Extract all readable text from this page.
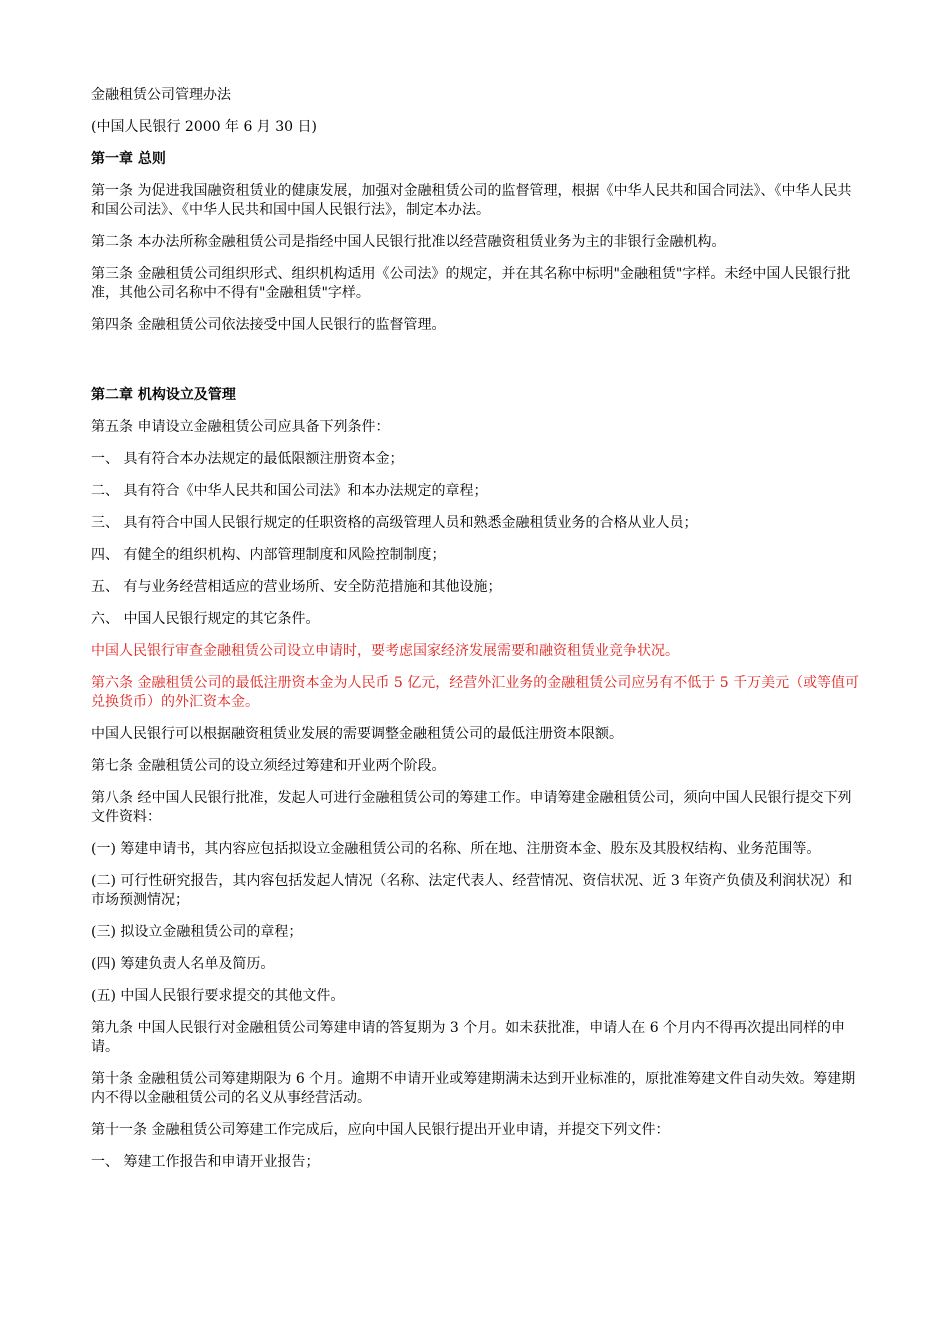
金融租赁公司管理办法

(中国人民银行 2000 年 6 月 30 日)

第一章 总则

第一条 为促进我国融资租赁业的健康发展，加强对金融租赁公司的监督管理，根据《中华人民共和国合同法》、《中华人民共和国公司法》、《中华人民共和国中国人民银行法》，制定本办法。

第二条 本办法所称金融租赁公司是指经中国人民银行批准以经营融资租赁业务为主的非银行金融机构。

第三条 金融租赁公司组织形式、组织机构适用《公司法》的规定，并在其名称中标明"金融租赁"字样。未经中国人民银行批准，其他公司名称中不得有"金融租赁"字样。

第四条 金融租赁公司依法接受中国人民银行的监督管理。

第二章 机构设立及管理

第五条 申请设立金融租赁公司应具备下列条件：

一、 具有符合本办法规定的最低限额注册资本金；

二、 具有符合《中华人民共和国公司法》和本办法规定的章程；

三、 具有符合中国人民银行规定的任职资格的高级管理人员和熟悉金融租赁业务的合格从业人员；

四、 有健全的组织机构、内部管理制度和风险控制制度；

五、 有与业务经营相适应的营业场所、安全防范措施和其他设施；

六、 中国人民银行规定的其它条件。

中国人民银行审查金融租赁公司设立申请时，要考虑国家经济发展需要和融资租赁业竞争状况。

第六条 金融租赁公司的最低注册资本金为人民币 5 亿元，经营外汇业务的金融租赁公司应另有不低于 5 千万美元（或等值可兑换货币）的外汇资本金。

中国人民银行可以根据融资租赁业发展的需要调整金融租赁公司的最低注册资本限额。

第七条 金融租赁公司的设立须经过筹建和开业两个阶段。

第八条 经中国人民银行批准，发起人可进行金融租赁公司的筹建工作。申请筹建金融租赁公司，须向中国人民银行提交下列文件资料：

(一) 筹建申请书，其内容应包括拟设立金融租赁公司的名称、所在地、注册资本金、股东及其股权结构、业务范围等。

(二) 可行性研究报告，其内容包括发起人情况（名称、法定代表人、经营情况、资信状况、近 3 年资产负债及利润状况）和市场预测情况；

(三) 拟设立金融租赁公司的章程；

(四) 筹建负责人名单及简历。

(五) 中国人民银行要求提交的其他文件。

第九条 中国人民银行对金融租赁公司筹建申请的答复期为 3 个月。如未获批准，申请人在 6 个月内不得再次提出同样的申请。

第十条 金融租赁公司筹建期限为 6 个月。逾期不申请开业或筹建期满未达到开业标准的，原批准筹建文件自动失效。筹建期内不得以金融租赁公司的名义从事经营活动。

第十一条 金融租赁公司筹建工作完成后，应向中国人民银行提出开业申请，并提交下列文件：

一、 筹建工作报告和申请开业报告；
